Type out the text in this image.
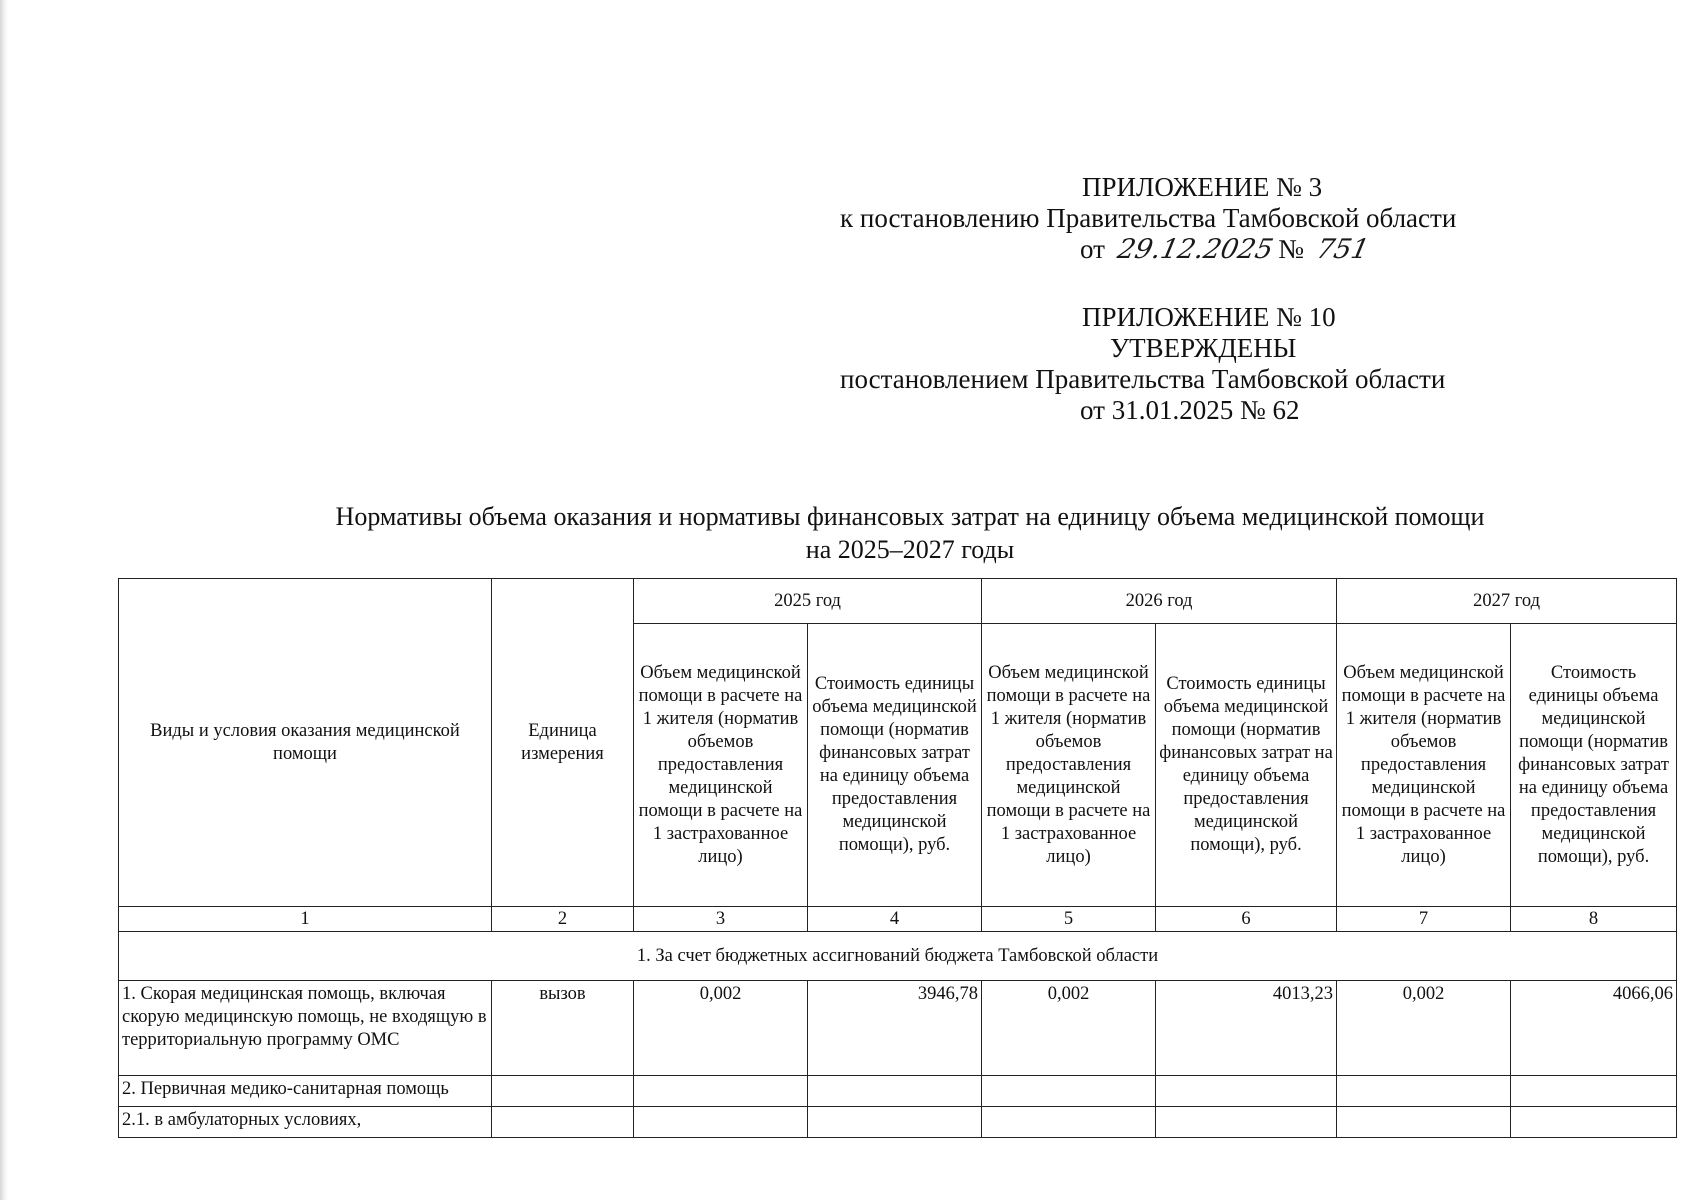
ПРИЛОЖЕНИЕ № 3
к постановлению Правительства Тамбовской области
от 29.12.2025 № 751
ПРИЛОЖЕНИЕ № 10
УТВЕРЖДЕНЫ
постановлением Правительства Тамбовской области
от 31.01.2025 № 62
Нормативы объема оказания и нормативы финансовых затрат на единицу объема медицинской помощи
на 2025–2027 годы
Виды и условия оказания медицинской помощи	Единица измерения	2025 год		2026 год		2027 год	
		Объем медицинской помощи в расчете на 1 жителя (норматив объемов предоставления медицинской помощи в расчете на 1 застрахованное лицо)	Стоимость единицы объема медицинской помощи (норматив финансовых затрат на единицу объема предоставления медицинской помощи), руб.	Объем медицинской помощи в расчете на 1 жителя (норматив объемов предоставления медицинской помощи в расчете на 1 застрахованное лицо)	Стоимость единицы объема медицинской помощи (норматив финансовых затрат на единицу объема предоставления медицинской помощи), руб.	Объем медицинской помощи в расчете на 1 жителя (норматив объемов предоставления медицинской помощи в расчете на 1 застрахованное лицо)	Стоимость единицы объема медицинской помощи (норматив финансовых затрат на единицу объема предоставления медицинской помощи), руб.
1	2	3	4	5	6	7	8
1. За счет бюджетных ассигнований бюджета Тамбовской области							
1. Скорая медицинская помощь, включая скорую медицинскую помощь, не входящую в территориальную программу ОМС	вызов	0,002	3946,78	0,002	4013,23	0,002	4066,06
2. Первичная медико-санитарная помощь							
2.1. в амбулаторных условиях,							
